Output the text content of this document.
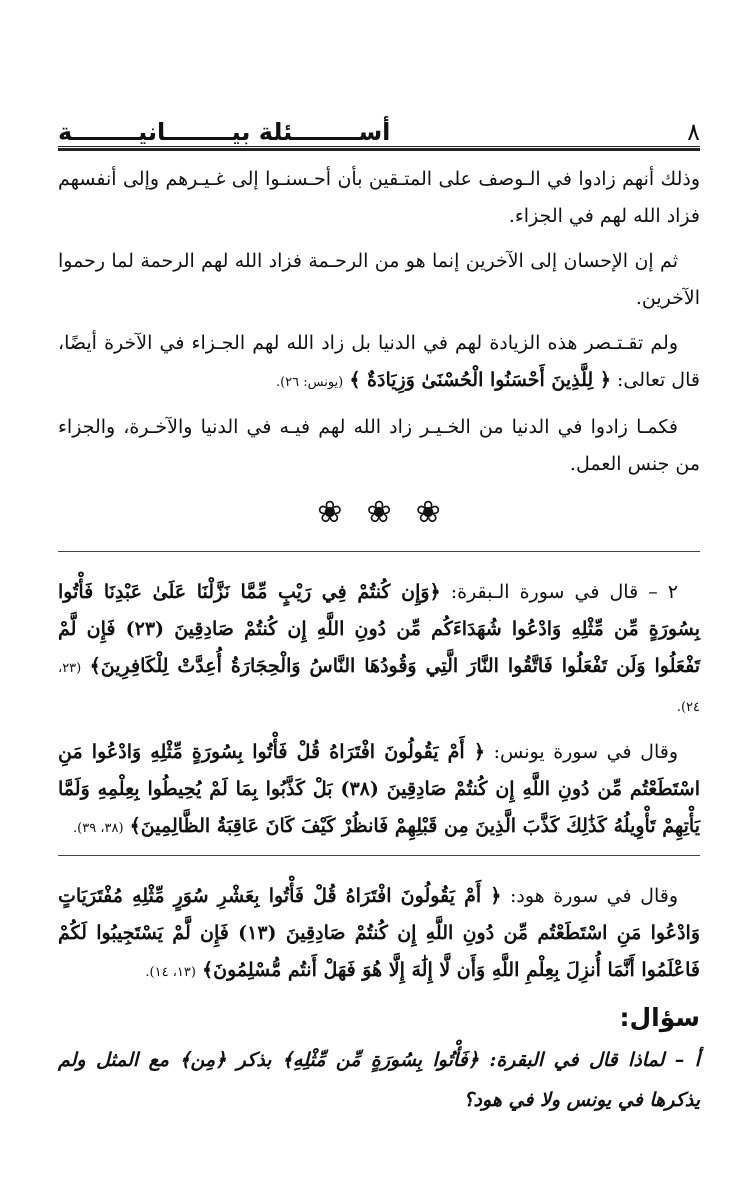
٨
أســــــــئلة بيــــــــانيــــــــة

وذلك أنهم زادوا في الـوصف على المتـقين بأن أحـسنـوا إلى غـيـرهم وإلى أنفسهم فزاد الله لهم في الجزاء.

ثم إن الإحسان إلى الآخرين إنما هو من الرحـمة فزاد الله لهم الرحمة لما رحموا الآخرين.

ولم تقـتـصر هذه الزيادة لهم في الدنيا بل زاد الله لهم الجـزاء في الآخرة أيضًا، قال تعالى: ﴿ لِلَّذِينَ أَحْسَنُوا الْحُسْنَىٰ وَزِيَادَةٌ ﴾ (يونس: ٢٦).

فكمـا زادوا في الدنيا من الخـيـر زاد الله لهم فيـه في الدنيا والآخـرة، والجزاء من جنس العمل.

❀
❀
❀

٢ – قال في سورة الـبقرة: ﴿وَإِن كُنتُمْ فِي رَيْبٍ مِّمَّا نَزَّلْنَا عَلَىٰ عَبْدِنَا فَأْتُوا بِسُورَةٍ مِّن مِّثْلِهِ وَادْعُوا شُهَدَاءَكُم مِّن دُونِ اللَّهِ إِن كُنتُمْ صَادِقِينَ (٢٣) فَإِن لَّمْ تَفْعَلُوا وَلَن تَفْعَلُوا فَاتَّقُوا النَّارَ الَّتِي وَقُودُهَا النَّاسُ وَالْحِجَارَةُ أُعِدَّتْ لِلْكَافِرِينَ﴾ (٢٣، ٢٤).

وقال في سورة يونس: ﴿ أَمْ يَقُولُونَ افْتَرَاهُ قُلْ فَأْتُوا بِسُورَةٍ مِّثْلِهِ وَادْعُوا مَنِ اسْتَطَعْتُم مِّن دُونِ اللَّهِ إِن كُنتُمْ صَادِقِينَ (٣٨) بَلْ كَذَّبُوا بِمَا لَمْ يُحِيطُوا بِعِلْمِهِ وَلَمَّا يَأْتِهِمْ تَأْوِيلُهُ كَذَٰلِكَ كَذَّبَ الَّذِينَ مِن قَبْلِهِمْ فَانظُرْ كَيْفَ كَانَ عَاقِبَةُ الظَّالِمِينَ﴾ (٣٨، ٣٩).

وقال في سورة هود: ﴿ أَمْ يَقُولُونَ افْتَرَاهُ قُلْ فَأْتُوا بِعَشْرِ سُوَرٍ مِّثْلِهِ مُفْتَرَيَاتٍ وَادْعُوا مَنِ اسْتَطَعْتُم مِّن دُونِ اللَّهِ إِن كُنتُمْ صَادِقِينَ (١٣) فَإِن لَّمْ يَسْتَجِيبُوا لَكُمْ فَاعْلَمُوا أَنَّمَا أُنزِلَ بِعِلْمِ اللَّهِ وَأَن لَّا إِلَٰهَ إِلَّا هُوَ فَهَلْ أَنتُم مُّسْلِمُونَ﴾ (١٣، ١٤).

سؤال:
أ – لماذا قال في البقرة: ﴿فَأْتُوا بِسُورَةٍ مِّن مِّثْلِهِ﴾ بذكر ﴿مِن﴾ مع المثل ولم يذكرها في يونس ولا في هود؟
